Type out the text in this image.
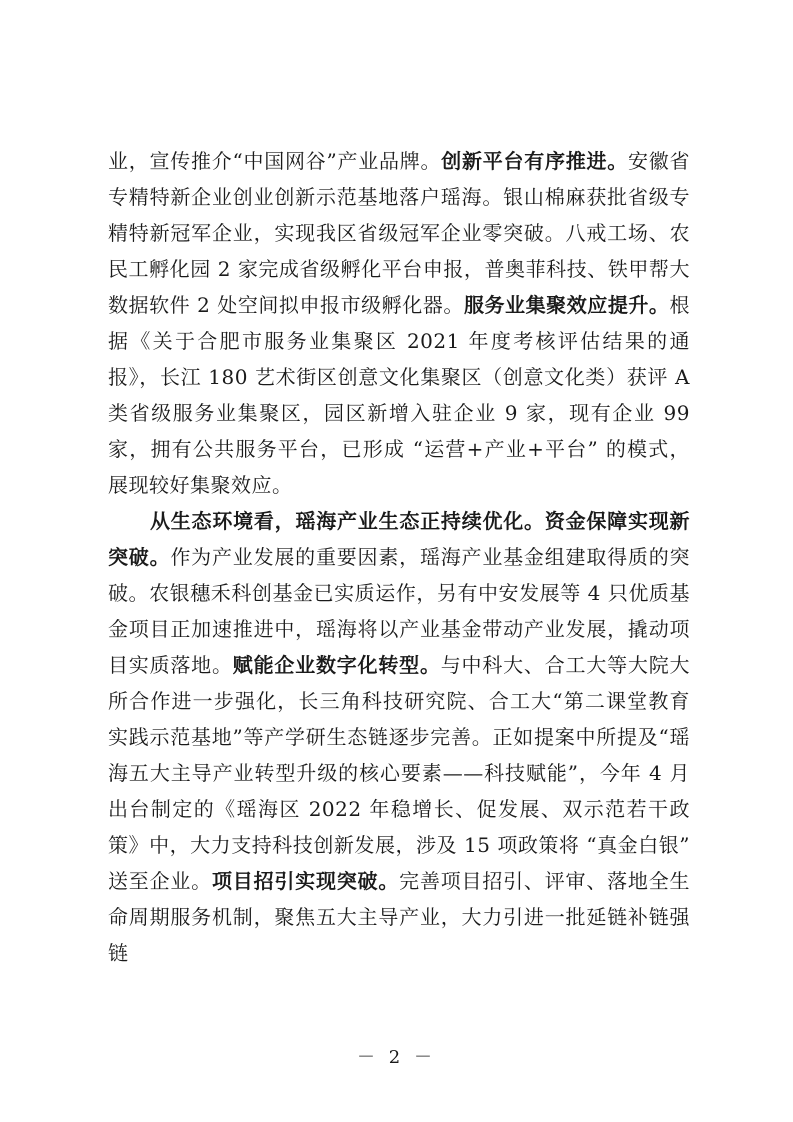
业，宣传推介“中国网谷”产业品牌。创新平台有序推进。安徽省专精特新企业创业创新示范基地落户瑶海。银山棉麻获批省级专精特新冠军企业，实现我区省级冠军企业零突破。八戒工场、农民工孵化园 2 家完成省级孵化平台申报，普奥菲科技、铁甲帮大数据软件 2 处空间拟申报市级孵化器。服务业集聚效应提升。根据《关于合肥市服务业集聚区 2021 年度考核评估结果的通报》，长江 180 艺术街区创意文化集聚区（创意文化类）获评 A 类省级服务业集聚区，园区新增入驻企业 9 家，现有企业 99 家，拥有公共服务平台，已形成 “运营+产业+平台” 的模式，展现较好集聚效应。

从生态环境看，瑶海产业生态正持续优化。资金保障实现新突破。作为产业发展的重要因素，瑶海产业基金组建取得质的突破。农银穗禾科创基金已实质运作，另有中安发展等 4 只优质基金项目正加速推进中，瑶海将以产业基金带动产业发展，撬动项目实质落地。赋能企业数字化转型。与中科大、合工大等大院大所合作进一步强化，长三角科技研究院、合工大“第二课堂教育实践示范基地”等产学研生态链逐步完善。正如提案中所提及“瑶海五大主导产业转型升级的核心要素——科技赋能”，今年 4 月出台制定的《瑶海区 2022 年稳增长、促发展、双示范若干政策》中，大力支持科技创新发展，涉及 15 项政策将 “真金白银” 送至企业。项目招引实现突破。完善项目招引、评审、落地全生命周期服务机制，聚焦五大主导产业，大力引进一批延链补链强链

－ 2 －
